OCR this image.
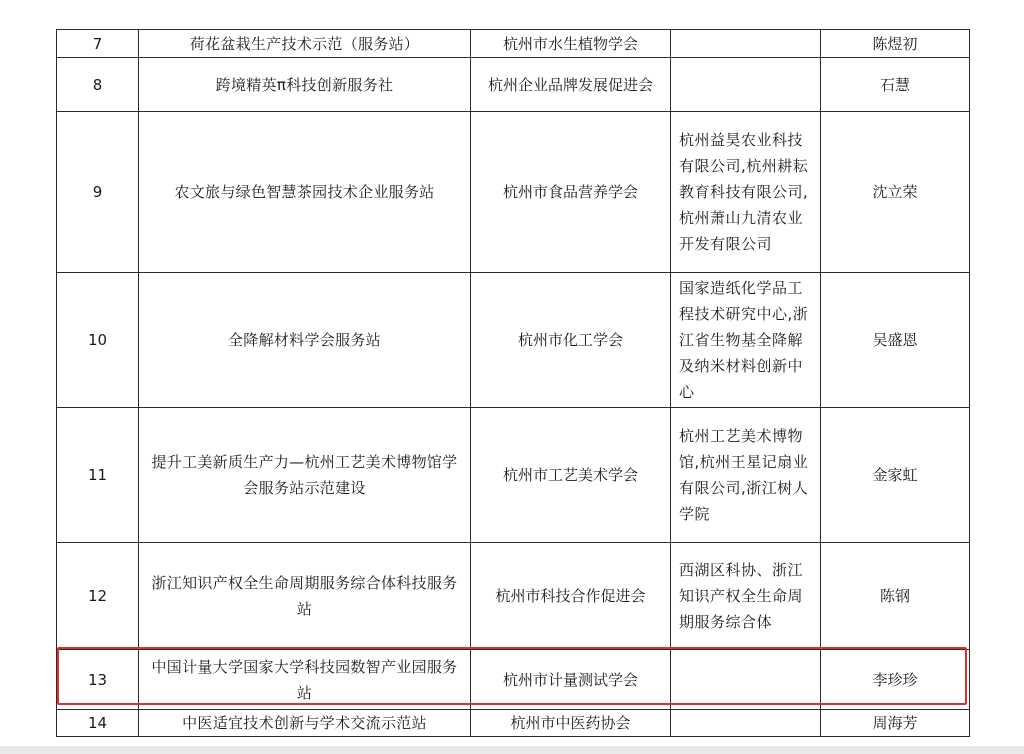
7	荷花盆栽生产技术示范（服务站）	杭州市水生植物学会		陈煜初
8	跨境精英π科技创新服务社	杭州企业品牌发展促进会		石慧
9	农文旅与绿色智慧茶园技术企业服务站	杭州市食品营养学会	杭州益昊农业科技有限公司,杭州耕耘教育科技有限公司,杭州萧山九清农业开发有限公司	沈立荣
10	全降解材料学会服务站	杭州市化工学会	国家造纸化学品工程技术研究中心,浙江省生物基全降解及纳米材料创新中心	吴盛恩
11	提升工美新质生产力—杭州工艺美术博物馆学会服务站示范建设	杭州市工艺美术学会	杭州工艺美术博物馆,杭州王星记扇业有限公司,浙江树人学院	金家虹
12	浙江知识产权全生命周期服务综合体科技服务站	杭州市科技合作促进会	西湖区科协、浙江知识产权全生命周期服务综合体	陈钢
13	中国计量大学国家大学科技园数智产业园服务站	杭州市计量测试学会		李珍珍
14	中医适宜技术创新与学术交流示范站	杭州市中医药协会		周海芳
